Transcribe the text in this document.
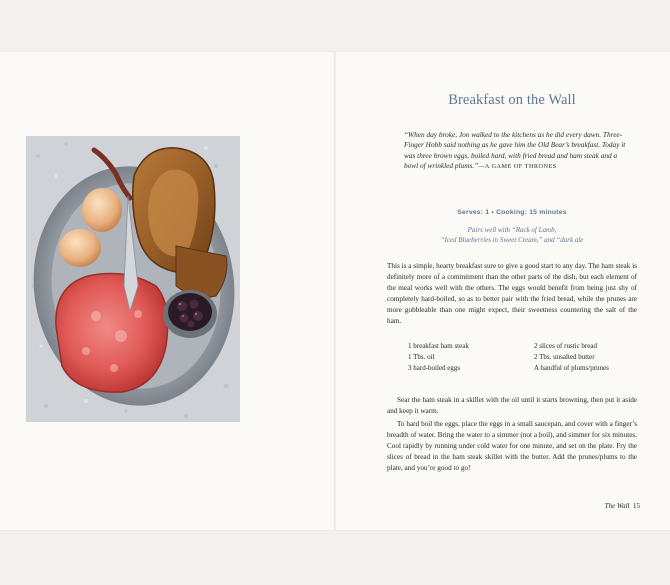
Breakfast on the Wall
“When day broke, Jon walked to the kitchens as he did every dawn. Three-Finger Hobb said nothing as he gave him the Old Bear’s breakfast. Today it was three brown eggs, boiled hard, with fried bread and ham steak and a bowl of wrinkled plums.”—A GAME OF THRONES
Serves: 1 • Cooking: 15 minutes
Pairs well with “Rack of Lamb,
“Iced Blueberries in Sweet Cream,” and “dark ale
This is a simple, hearty breakfast sure to give a good start to any day. The ham steak is definitely more of a commitment than the other parts of the dish, but each element of the meal works well with the others. The eggs would benefit from being just shy of completely hard-boiled, so as to better pair with the fried bread, while the prunes are more gobbleable than one might expect, their sweetness countering the salt of the ham.
1 breakfast ham steak	2 slices of rustic bread
1 Tbs. oil	2 Tbs. unsalted butter
3 hard-boiled eggs	A handful of plums/prunes
Sear the ham steak in a skillet with the oil until it starts browning, then put it aside and keep it warm.
To hard boil the eggs, place the eggs in a small saucepan, and cover with a finger’s breadth of water. Bring the water to a simmer (not a boil), and simmer for six minutes. Cool rapidly by running under cold water for one minute, and set on the plate. Fry the slices of bread in the ham steak skillet with the butter. Add the prunes/plums to the plate, and you’re good to go!
The Wall 15
